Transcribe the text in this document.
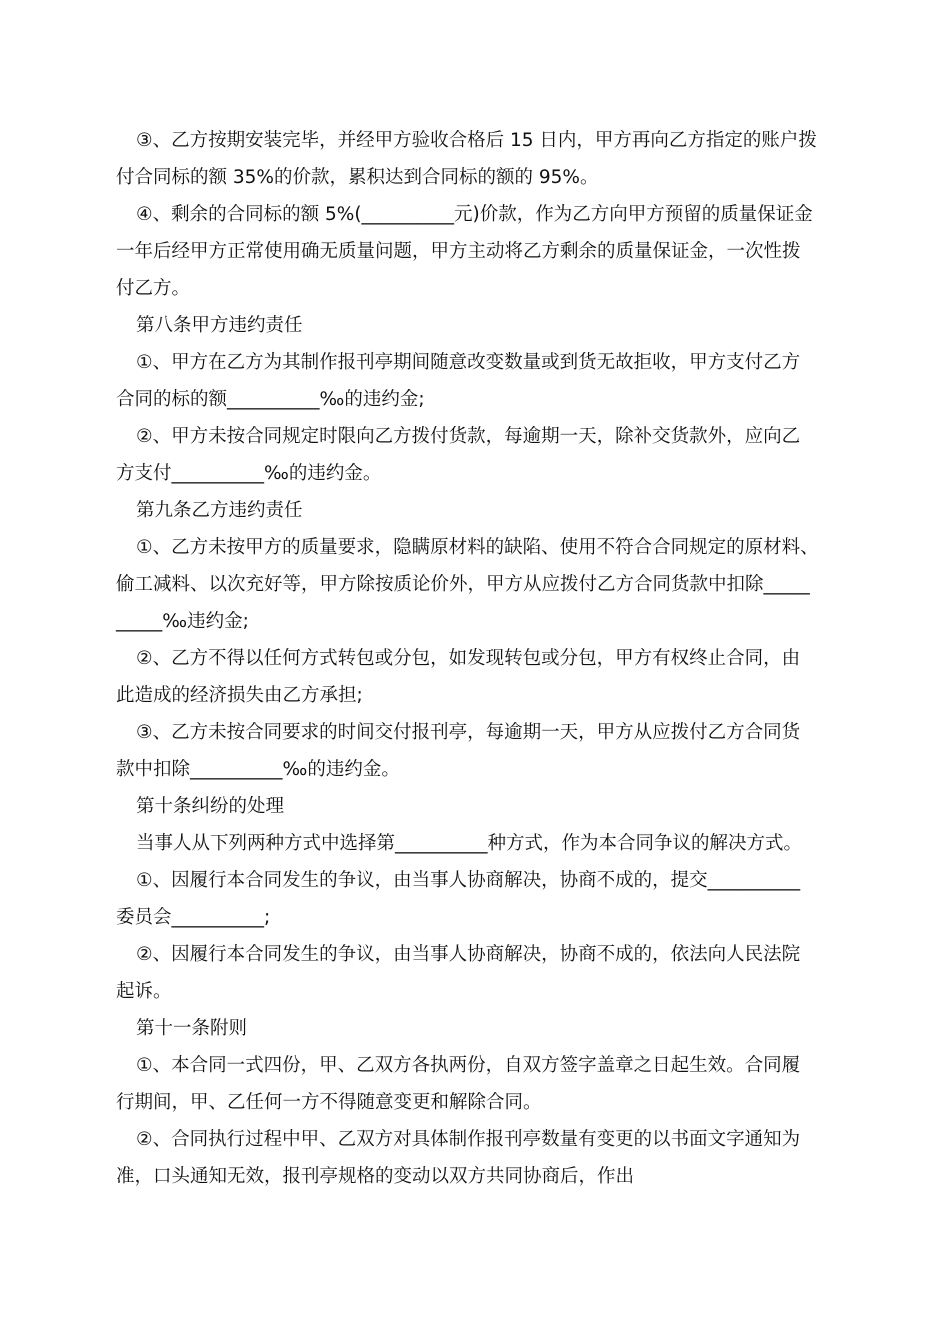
③、乙方按期安装完毕，并经甲方验收合格后 15 日内，甲方再向乙方指定的账户拨

付合同标的额 35%的价款，累积达到合同标的额的 95%。

④、剩余的合同标的额 5%(__________元)价款，作为乙方向甲方预留的质量保证金

一年后经甲方正常使用确无质量问题，甲方主动将乙方剩余的质量保证金，一次性拨

付乙方。

第八条甲方违约责任

①、甲方在乙方为其制作报刊亭期间随意改变数量或到货无故拒收，甲方支付乙方

合同的标的额__________‰的违约金;

②、甲方未按合同规定时限向乙方拨付货款，每逾期一天，除补交货款外，应向乙

方支付__________‰的违约金。

第九条乙方违约责任

①、乙方未按甲方的质量要求，隐瞒原材料的缺陷、使用不符合合同规定的原材料、

偷工减料、以次充好等，甲方除按质论价外，甲方从应拨付乙方合同货款中扣除_____

_____‰违约金;

②、乙方不得以任何方式转包或分包，如发现转包或分包，甲方有权终止合同，由

此造成的经济损失由乙方承担;

③、乙方未按合同要求的时间交付报刊亭，每逾期一天，甲方从应拨付乙方合同货

款中扣除__________‰的违约金。

第十条纠纷的处理

当事人从下列两种方式中选择第__________种方式，作为本合同争议的解决方式。

①、因履行本合同发生的争议，由当事人协商解决，协商不成的，提交__________

委员会__________;

②、因履行本合同发生的争议，由当事人协商解决，协商不成的，依法向人民法院

起诉。

第十一条附则

①、本合同一式四份，甲、乙双方各执两份，自双方签字盖章之日起生效。合同履

行期间，甲、乙任何一方不得随意变更和解除合同。

②、合同执行过程中甲、乙双方对具体制作报刊亭数量有变更的以书面文字通知为

准，口头通知无效，报刊亭规格的变动以双方共同协商后，作出
